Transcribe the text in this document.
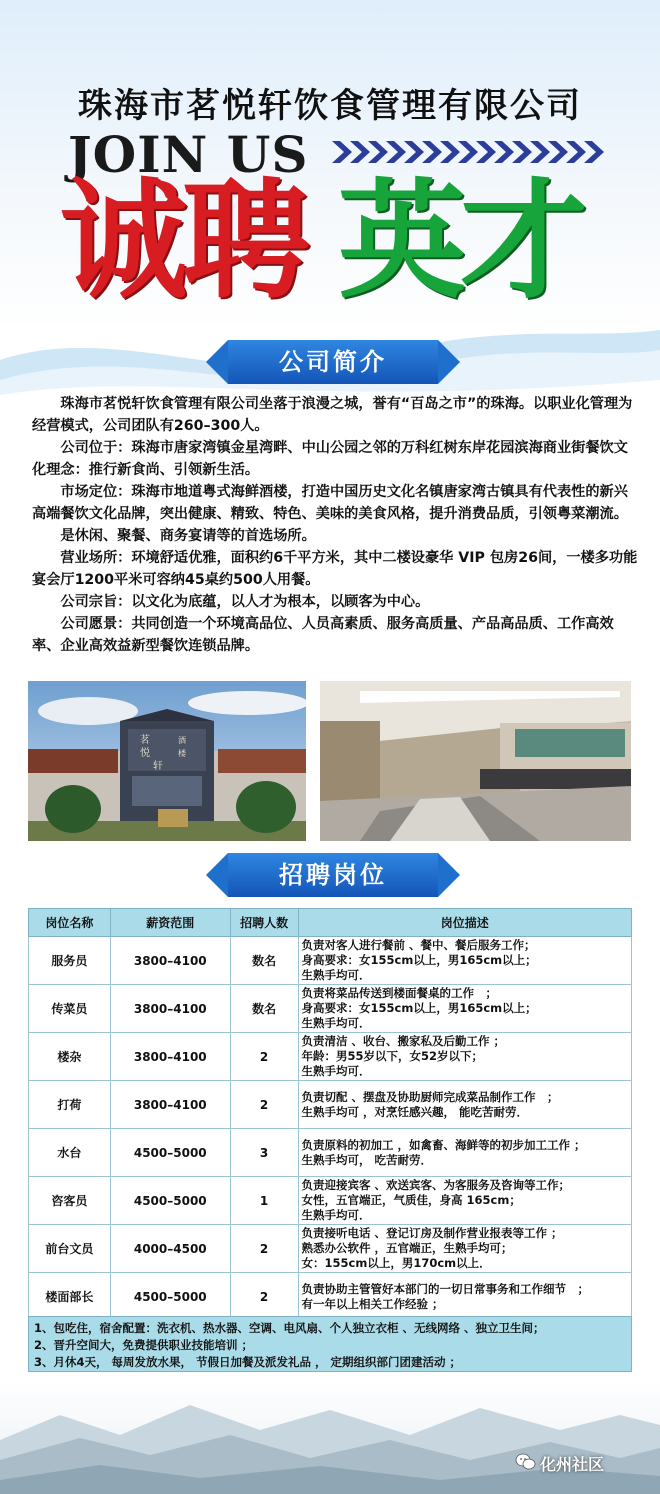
珠海市茗悦轩饮食管理有限公司
JOIN US
诚聘 英才
公司简介

珠海市茗悦轩饮食管理有限公司坐落于浪漫之城，誉有“百岛之市”的珠海。以职业化管理为经营模式，公司团队有260–300人。

公司位于：珠海市唐家湾镇金星湾畔、中山公园之邻的万科红树东岸花园滨海商业街餐饮文化理念：推行新食尚、引领新生活。

市场定位：珠海市地道粤式海鲜酒楼，打造中国历史文化名镇唐家湾古镇具有代表性的新兴高端餐饮文化品牌，突出健康、精致、特色、美味的美食风格，提升消费品质，引领粤菜潮流。

是休闲、聚餐、商务宴请等的首选场所。

营业场所：环境舒适优雅，面积约6千平方米，其中二楼设豪华 VIP 包房26间，一楼多功能宴会厅1200平米可容纳45桌约500人用餐。

公司宗旨：以文化为底蕴，以人才为根本，以顾客为中心。

公司愿景：共同创造一个环境高品位、人员高素质、服务高质量、产品高品质、工作高效率、企业高效益新型餐饮连锁品牌。

茗
悦
酒
轩
楼
招聘岗位
岗位名称	薪资范围	招聘人数	岗位描述
服务员	3800–4100	数名	负责对客人进行餐前 、餐中、餐后服务工作；
身高要求：女155cm以上，男165cm以上；
生熟手均可．

传菜员	3800–4100	数名	负责将菜品传送到楼面餐桌的工作　；
身高要求：女155cm以上，男165cm以上；
生熟手均可．

楼杂	3800–4100	2	负责清洁 、收台、搬家私及后勤工作 ；
年龄：男55岁以下，女52岁以下；
生熟手均可．

打荷	3800–4100	2	负责切配 、摆盘及协助厨师完成菜品制作工作　；
生熟手均可 ，对烹饪感兴趣， 能吃苦耐劳．

水台	4500–5000	3	负责原料的初加工 ，如禽畜、海鲜等的初步加工工作 ；
生熟手均可， 吃苦耐劳．

咨客员	4500–5000	1	负责迎接宾客 、欢送宾客、为客服务及咨询等工作；
女性，五官端正，气质佳，身高 165cm；
生熟手均可．

前台文员	4000–4500	2	负责接听电话 、登记订房及制作营业报表等工作 ；
熟悉办公软件 ，五官端正，生熟手均可；
女：155cm以上，男170cm以上．

楼面部长	4500–5000	2	负责协助主管管好本部门的一切日常事务和工作细节　；
有一年以上相关工作经验 ；
1、包吃住，宿舍配置：洗衣机、热水器、空调、电风扇、个人独立衣柜 、无线网络 、独立卫生间；
2、晋升空间大，免费提供职业技能培训 ；
3、月休4天， 每周发放水果， 节假日加餐及派发礼品 ， 定期组织部门团建活动 ；
化州社区
